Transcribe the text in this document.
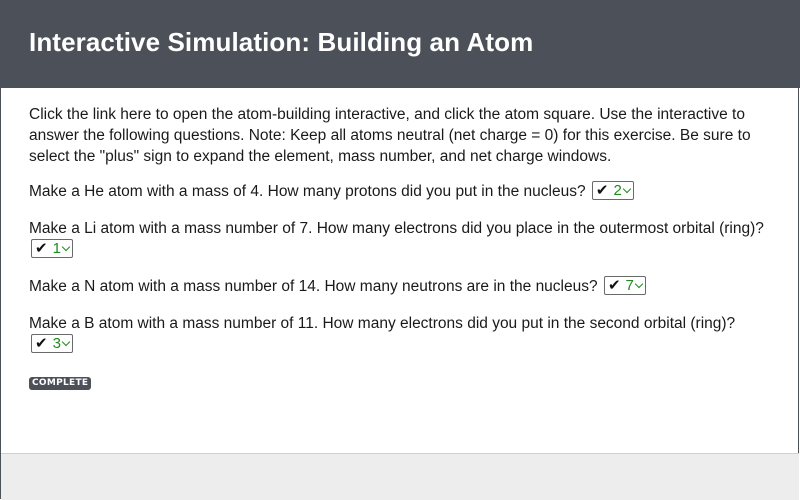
Interactive Simulation: Building an Atom

Click the link here to open the atom-building interactive, and click the atom square. Use the interactive to answer the following questions. Note: Keep all atoms neutral (net charge = 0) for this exercise. Be sure to select the "plus" sign to expand the element, mass number, and net charge windows.

Make a He atom with a mass of 4. How many protons did you put in the nucleus? ✔ 2

Make a Li atom with a mass number of 7. How many electrons did you place in the outermost orbital (ring)?
✔ 1

Make a N atom with a mass number of 14. How many neutrons are in the nucleus? ✔ 7

Make a B atom with a mass number of 11. How many electrons did you put in the second orbital (ring)?
✔ 3

COMPLETE
